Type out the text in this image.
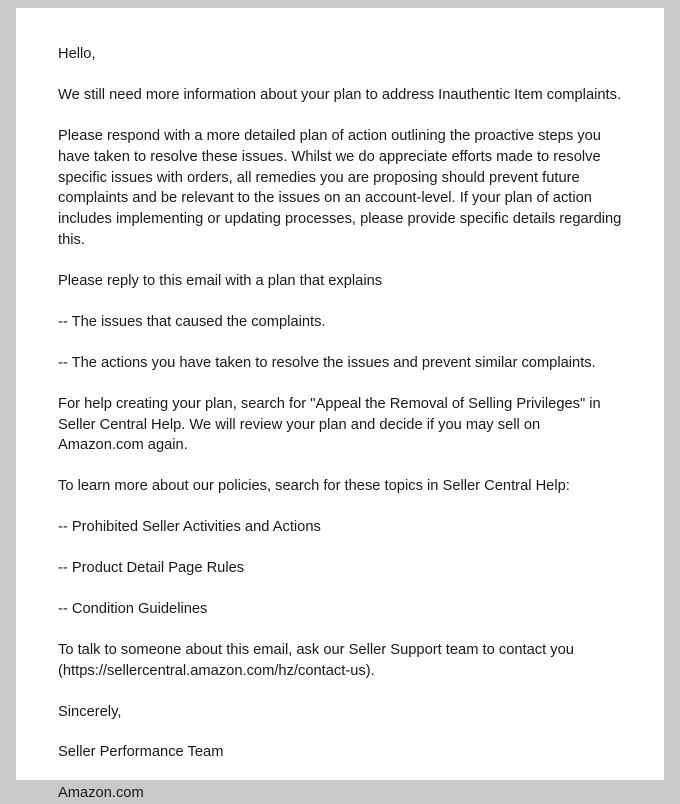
Hello,

We still need more information about your plan to address Inauthentic Item complaints.

Please respond with a more detailed plan of action outlining the proactive steps you have taken to resolve these issues. Whilst we do appreciate efforts made to resolve specific issues with orders, all remedies you are proposing should prevent future complaints and be relevant to the issues on an account-level. If your plan of action includes implementing or updating processes, please provide specific details regarding this.

Please reply to this email with a plan that explains

-- The issues that caused the complaints.

-- The actions you have taken to resolve the issues and prevent similar complaints.

For help creating your plan, search for "Appeal the Removal of Selling Privileges" in Seller Central Help. We will review your plan and decide if you may sell on Amazon.com again.

To learn more about our policies, search for these topics in Seller Central Help:

-- Prohibited Seller Activities and Actions

-- Product Detail Page Rules

-- Condition Guidelines

To talk to someone about this email, ask our Seller Support team to contact you (https://sellercentral.amazon.com/hz/contact-us).

Sincerely,

Seller Performance Team

Amazon.com
